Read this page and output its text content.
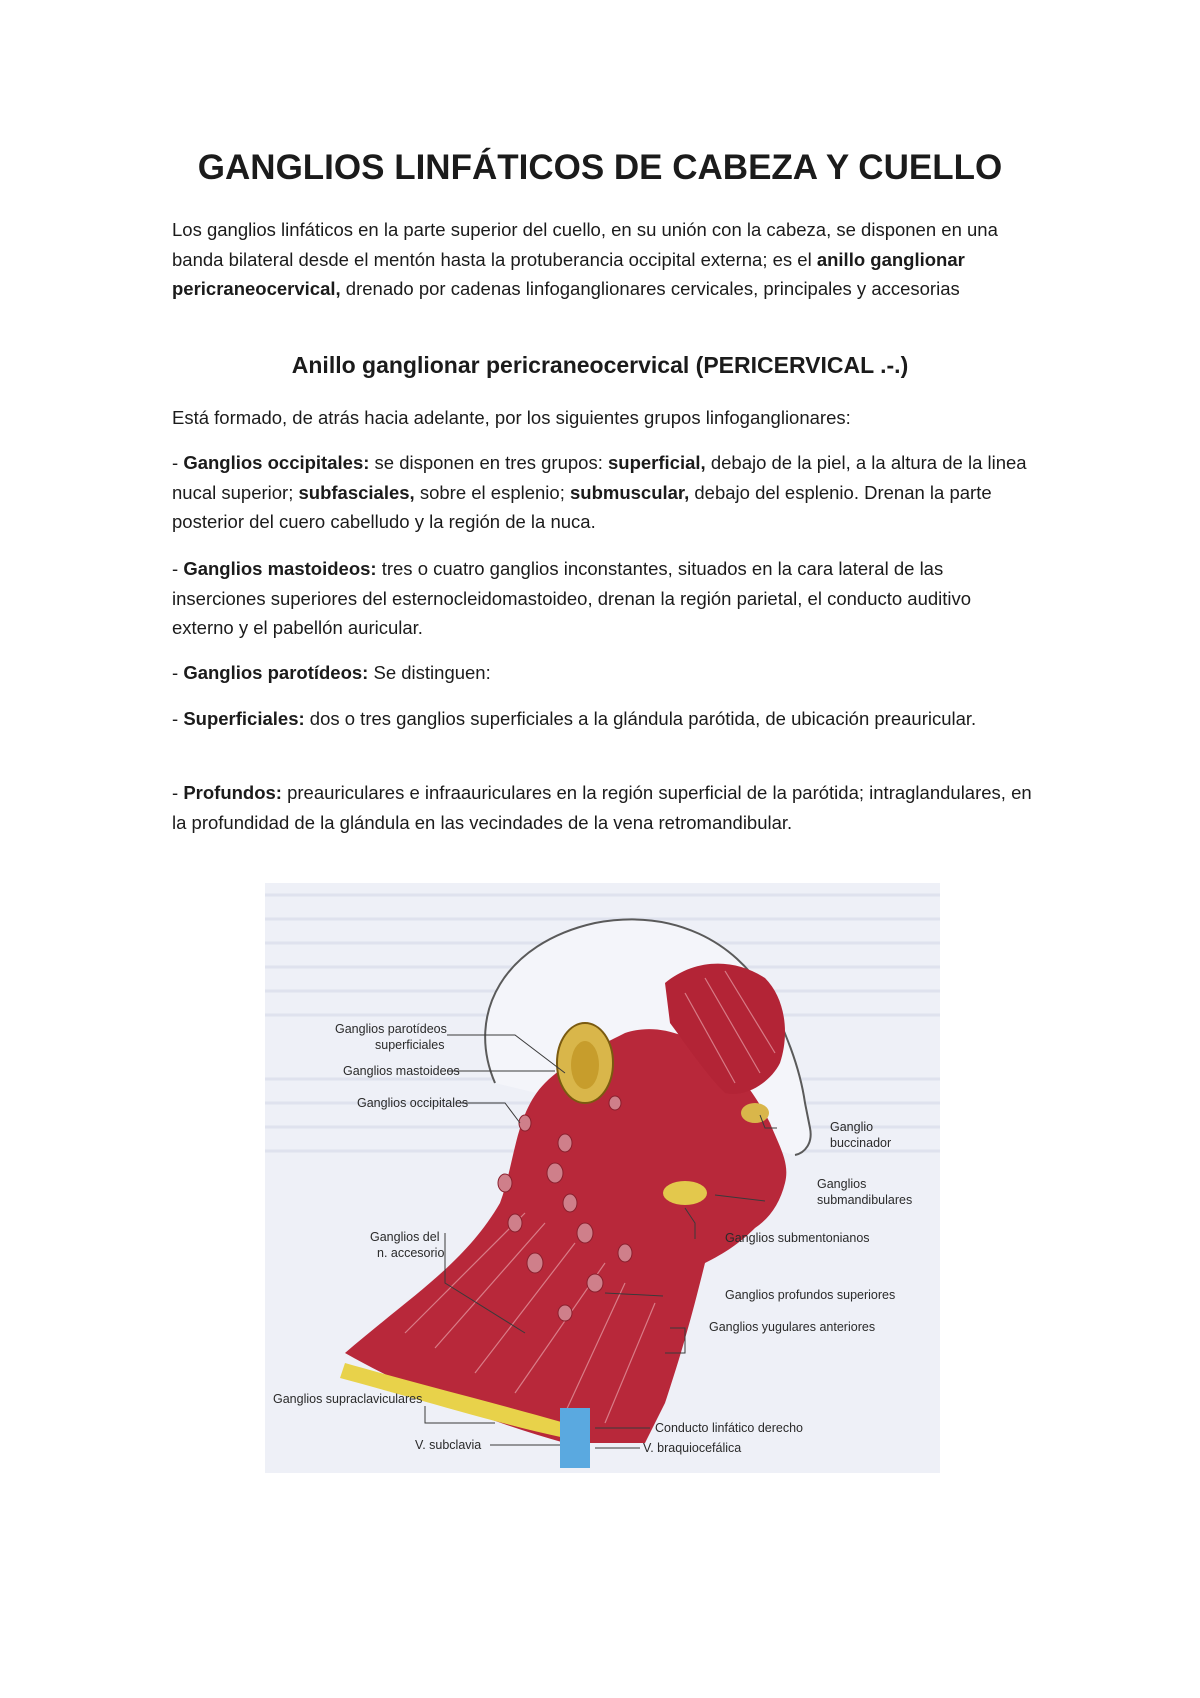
GANGLIOS LINFÁTICOS DE CABEZA Y CUELLO
Los ganglios linfáticos en la parte superior del cuello, en su unión con la cabeza, se disponen en una banda bilateral desde el mentón hasta la protuberancia occipital externa; es el anillo ganglionar pericraneocervical, drenado por cadenas linfoganglionares cervicales, principales y accesorias
Anillo ganglionar pericraneocervical (PERICERVICAL .-.)
Está formado, de atrás hacia adelante, por los siguientes grupos linfoganglionares:
- Ganglios occipitales: se disponen en tres grupos: superficial, debajo de la piel, a la altura de la linea nucal superior; subfasciales, sobre el esplenio; submuscular, debajo del esplenio. Drenan la parte posterior del cuero cabelludo y la región de la nuca.
- Ganglios mastoideos: tres o cuatro ganglios inconstantes, situados en la cara lateral de las inserciones superiores del esternocleidomastoideo, drenan la región parietal, el conducto auditivo externo y el pabellón auricular.
- Ganglios parotídeos: Se distinguen:
- Superficiales: dos o tres ganglios superficiales a la glándula parótida, de ubicación preauricular.
- Profundos: preauriculares e infraauriculares en la región superficial de la parótida; intraglandulares, en la profundidad de la glándula en las vecindades de la vena retromandibular.
Ganglios parotídeos
superficiales
Ganglios mastoideos
Ganglios occipitales
Ganglio
buccinador
Ganglios
submandibulares
Ganglios del
n. accesorio
Ganglios submentonianos
Ganglios profundos superiores
Ganglios yugulares anteriores
Ganglios supraclaviculares
Conducto linfático derecho
V. subclavia	V. braquiocefálica
